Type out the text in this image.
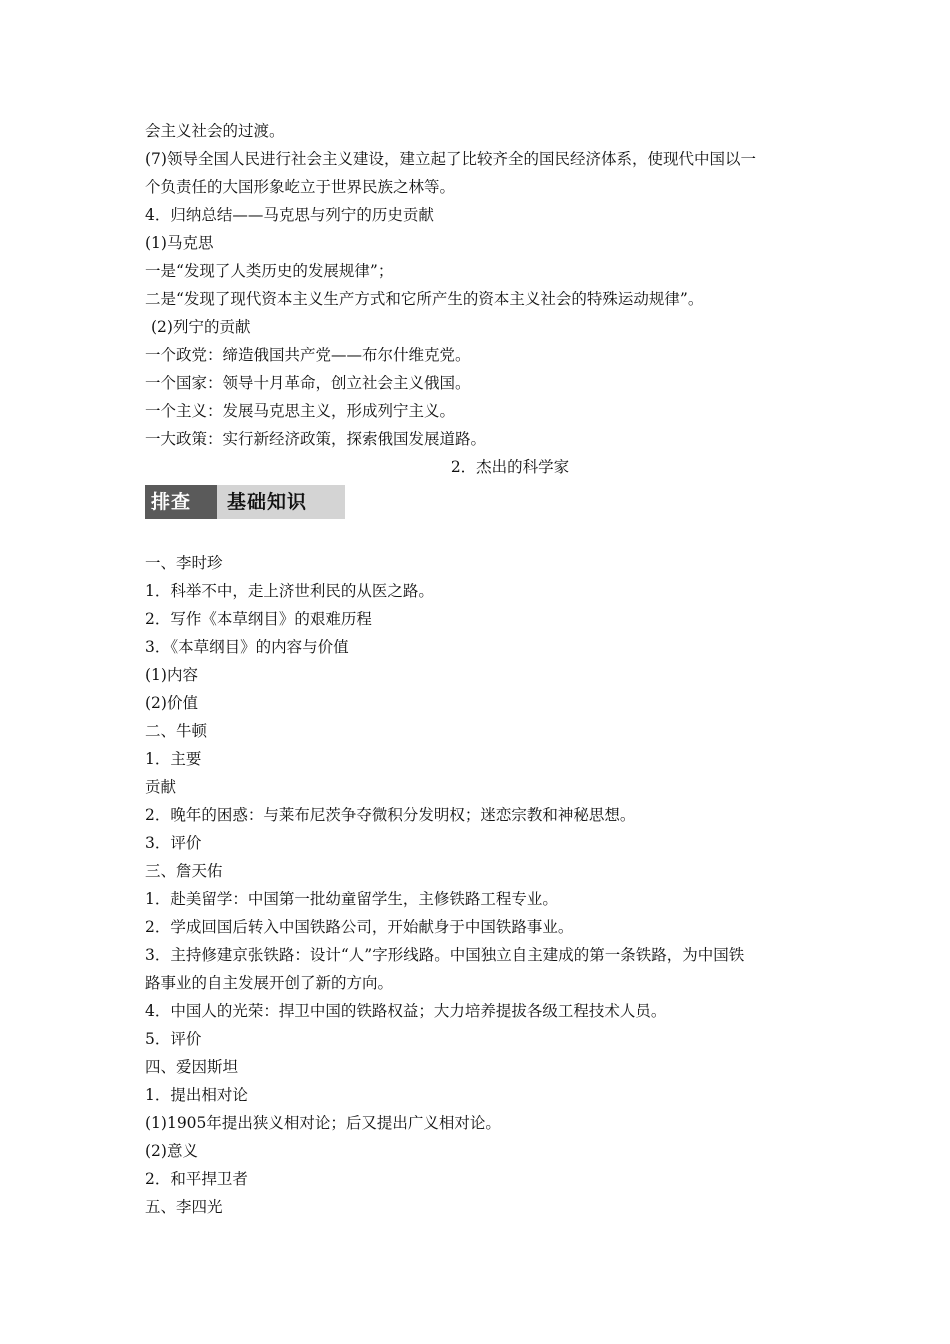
会主义社会的过渡。
(7)领导全国人民进行社会主义建设，建立起了比较齐全的国民经济体系，使现代中国以一
个负责任的大国形象屹立于世界民族之林等。
4．归纳总结——马克思与列宁的历史贡献
(1)马克思
一是“发现了人类历史的发展规律”；
二是“发现了现代资本主义生产方式和它所产生的资本主义社会的特殊运动规律”。
(2)列宁的贡献
一个政党：缔造俄国共产党——布尔什维克党。
一个国家：领导十月革命，创立社会主义俄国。
一个主义：发展马克思主义，形成列宁主义。
一大政策：实行新经济政策，探索俄国发展道路。
2．杰出的科学家
基础知识
排查
一、李时珍
1．科举不中，走上济世利民的从医之路。
2．写作《本草纲目》的艰难历程
3．《本草纲目》的内容与价值
(1)内容
(2)价值
二、牛顿
1．主要
贡献
2．晚年的困惑：与莱布尼茨争夺微积分发明权；迷恋宗教和神秘思想。
3．评价
三、詹天佑
1．赴美留学：中国第一批幼童留学生，主修铁路工程专业。
2．学成回国后转入中国铁路公司，开始献身于中国铁路事业。
3．主持修建京张铁路：设计“人”字形线路。中国独立自主建成的第一条铁路，为中国铁
路事业的自主发展开创了新的方向。
4．中国人的光荣：捍卫中国的铁路权益；大力培养提拔各级工程技术人员。
5．评价
四、爱因斯坦
1．提出相对论
(1)1905年提出狭义相对论；后又提出广义相对论。
(2)意义
2．和平捍卫者
五、李四光
